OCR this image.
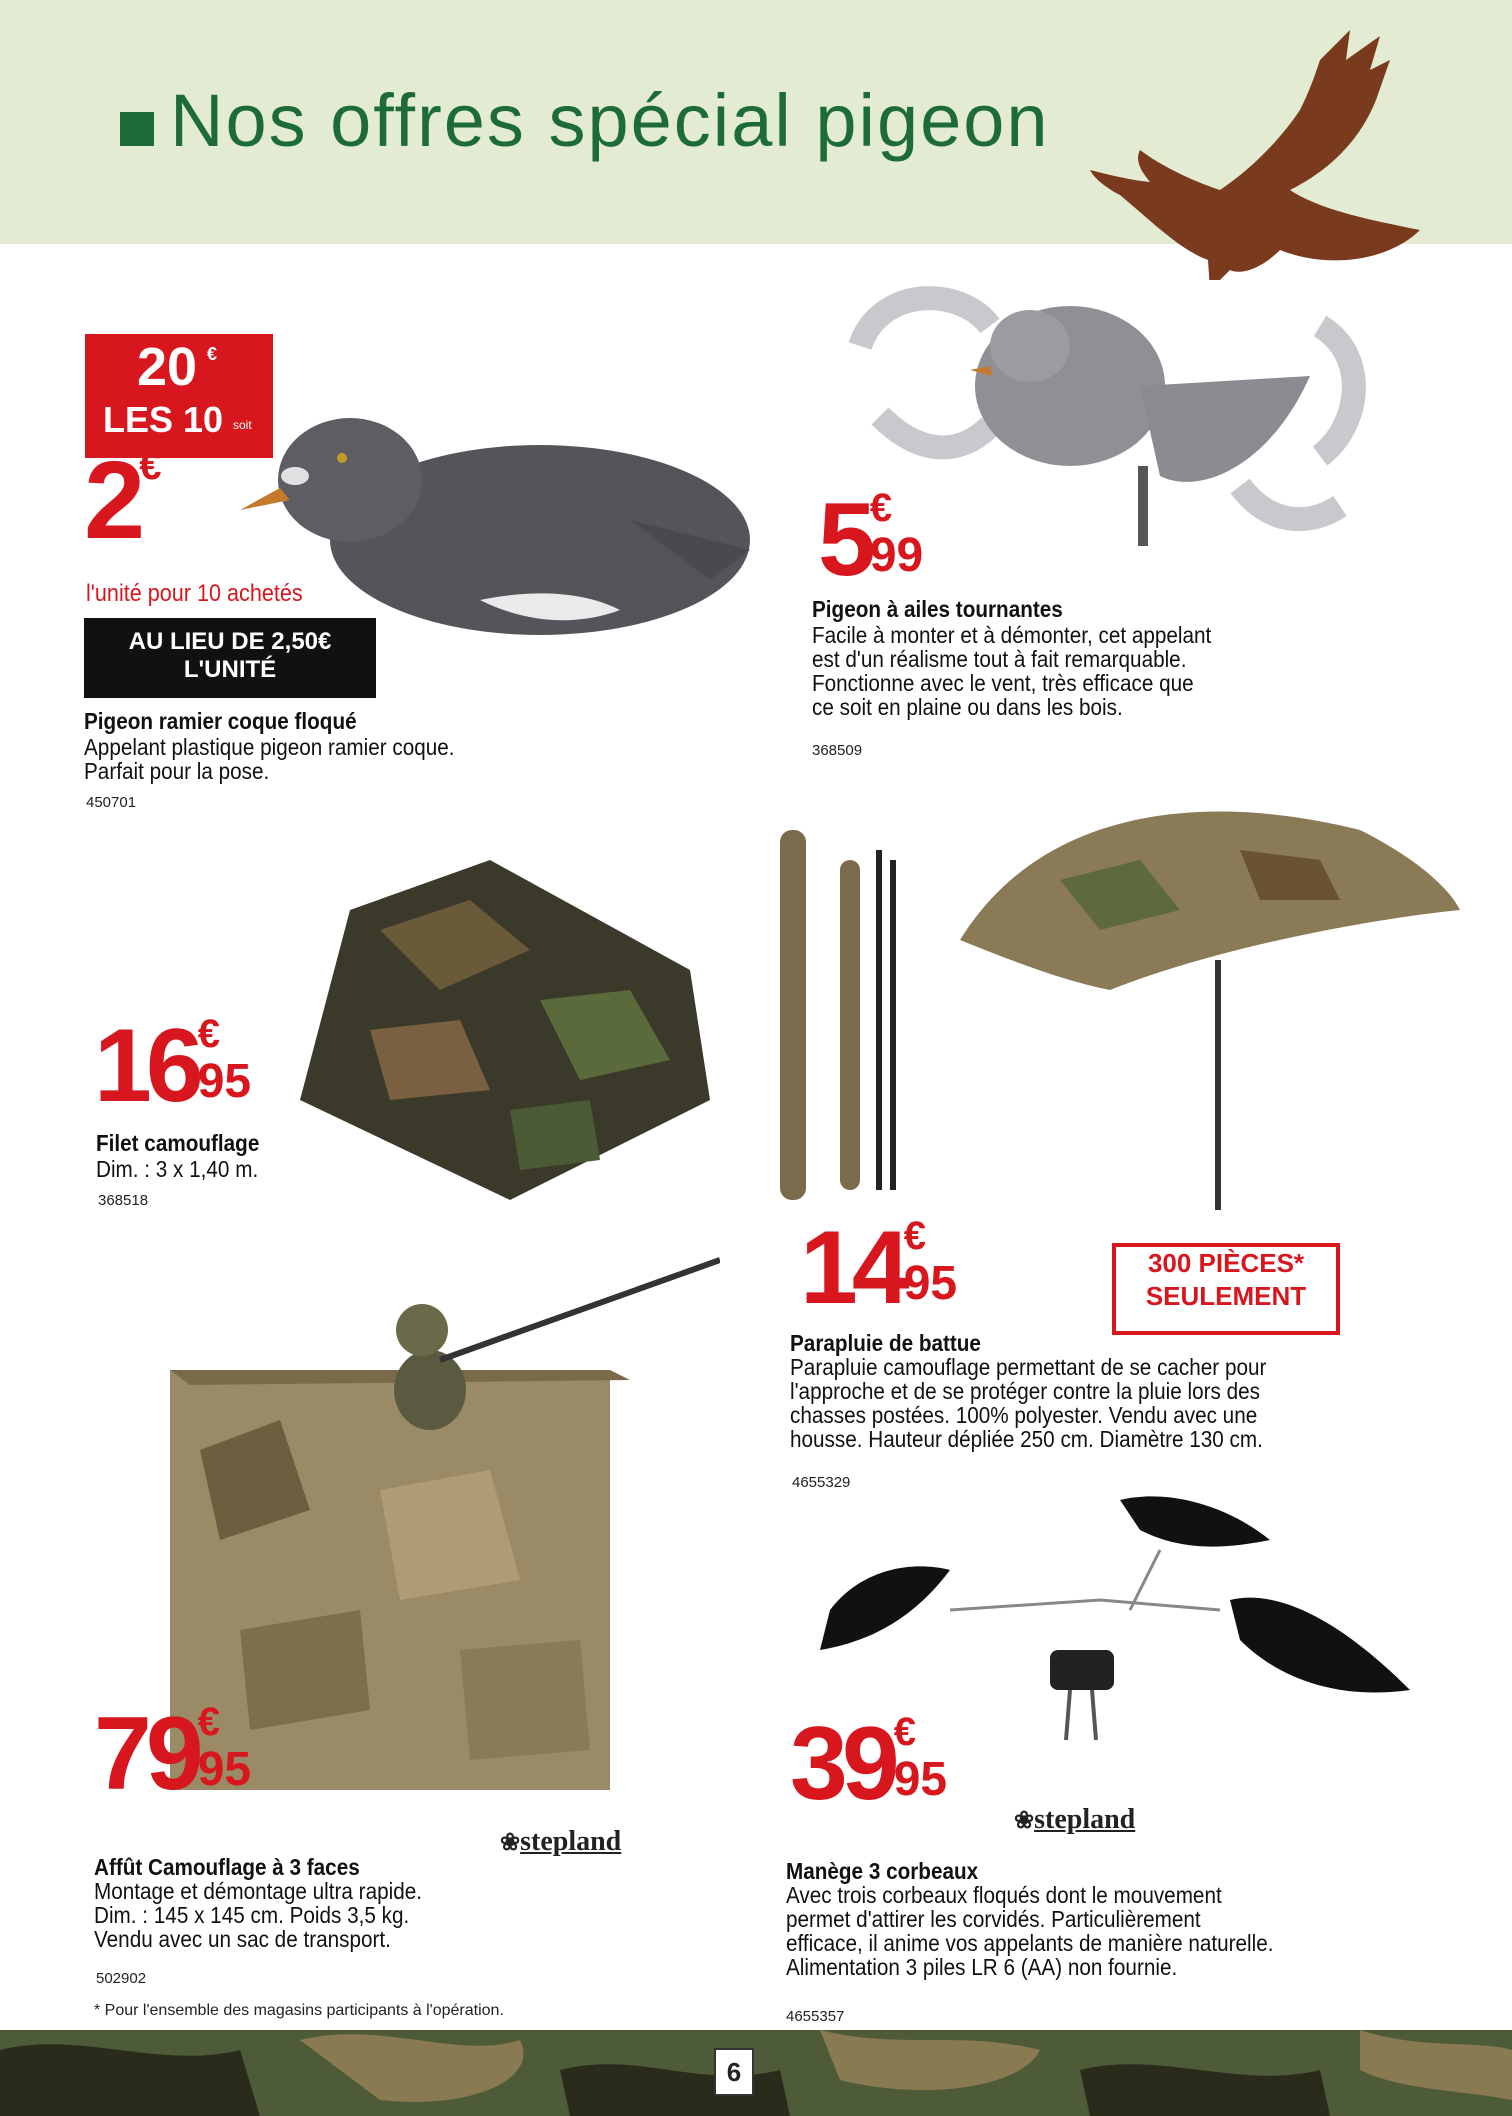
Nos offres spécial pigeon
20 €
LES 10 soit
2 €
l'unité pour 10 achetés
AU LIEU DE 2,50€
L'UNITÉ
Pigeon ramier coque floqué
Appelant plastique pigeon ramier coque.
Parfait pour la pose.
450701
5 €
99
Pigeon à ailes tournantes
Facile à monter et à démonter, cet appelant
est d'un réalisme tout à fait remarquable.
Fonctionne avec le vent, très efficace que
ce soit en plaine ou dans les bois.
368509
16 €
95
Filet camouflage
Dim. : 3 x 1,40 m.
368518
14 €
95	300 PIÈCES*
SEULEMENT
Parapluie de battue
Parapluie camouflage permettant de se cacher pour
l'approche et de se protéger contre la pluie lors des
chasses postées. 100% polyester. Vendu avec une
housse. Hauteur dépliée 250 cm. Diamètre 130 cm.
4655329
79 €
95
❀stepland
Affût Camouflage à 3 faces
Montage et démontage ultra rapide.
Dim. : 145 x 145 cm. Poids 3,5 kg.
Vendu avec un sac de transport.
502902
* Pour l'ensemble des magasins participants à l'opération.
39 €
95
❀stepland
Manège 3 corbeaux
Avec trois corbeaux floqués dont le mouvement
permet d'attirer les corvidés. Particulièrement
efficace, il anime vos appelants de manière naturelle.
Alimentation 3 piles LR 6 (AA) non fournie.
4655357
6
